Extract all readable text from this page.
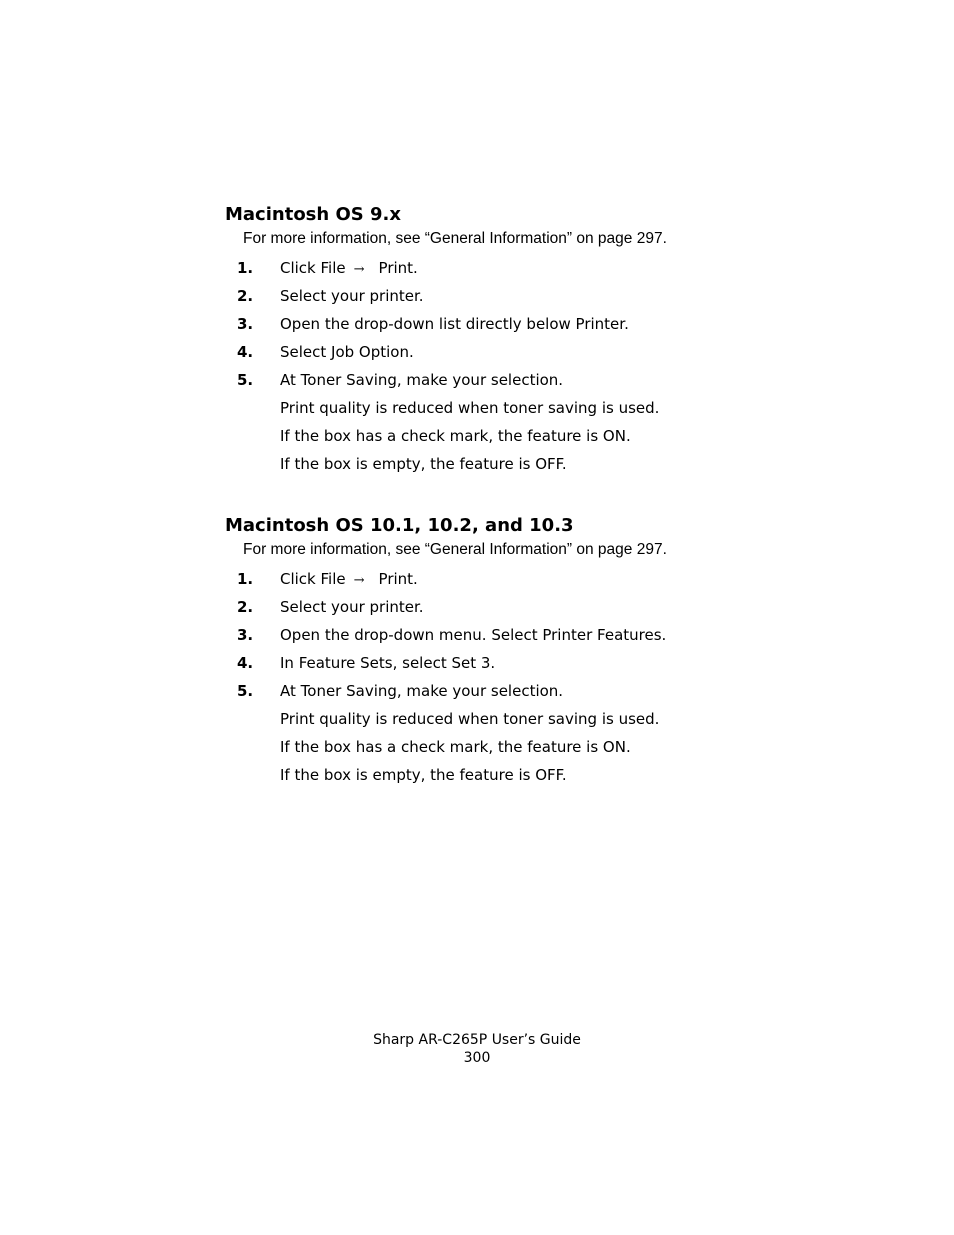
Macintosh OS 9.x

For more information, see “General Information” on page 297.

1. Click File → Print.
2. Select your printer.
3. Open the drop-down list directly below Printer.
4. Select Job Option.
5. At Toner Saving, make your selection.
Print quality is reduced when toner saving is used.
If the box has a check mark, the feature is ON.
If the box is empty, the feature is OFF.
Macintosh OS 10.1, 10.2, and 10.3

For more information, see “General Information” on page 297.

1. Click File → Print.
2. Select your printer.
3. Open the drop-down menu. Select Printer Features.
4. In Feature Sets, select Set 3.
5. At Toner Saving, make your selection.
Print quality is reduced when toner saving is used.
If the box has a check mark, the feature is ON.
If the box is empty, the feature is OFF.
Sharp AR-C265P User’s Guide
300
